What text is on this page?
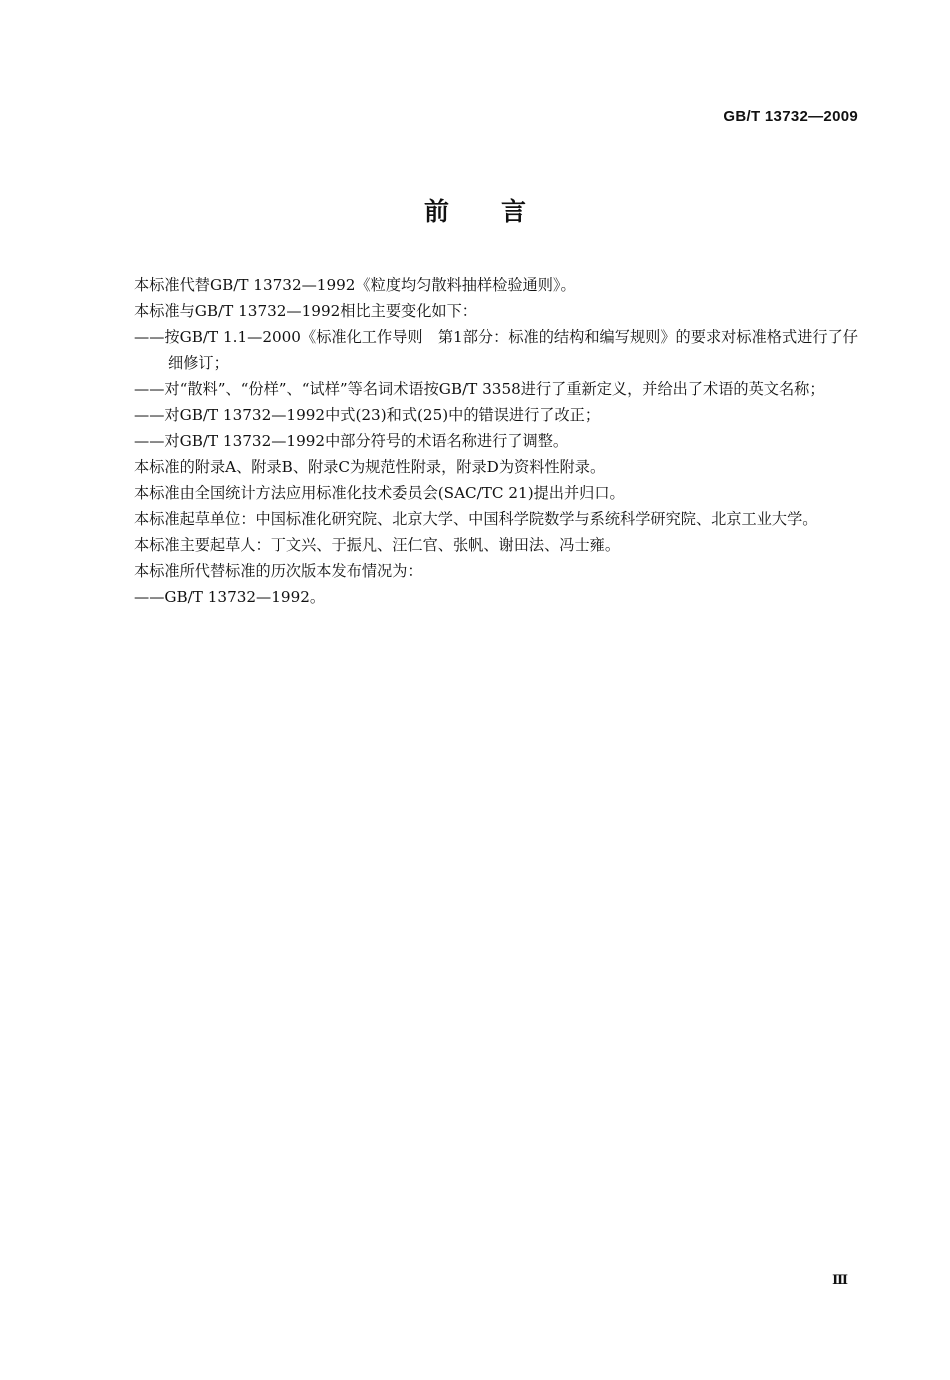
GB/T 13732—2009
前言

本标准代替GB/T 13732—1992《粒度均匀散料抽样检验通则》。

本标准与GB/T 13732—1992相比主要变化如下：

——按GB/T 1.1—2000《标准化工作导则　第1部分：标准的结构和编写规则》的要求对标准格式进行了仔细修订；

——对“散料”、“份样”、“试样”等名词术语按GB/T 3358进行了重新定义，并给出了术语的英文名称；

——对GB/T 13732—1992中式(23)和式(25)中的错误进行了改正；

——对GB/T 13732—1992中部分符号的术语名称进行了调整。

本标准的附录A、附录B、附录C为规范性附录，附录D为资料性附录。

本标准由全国统计方法应用标准化技术委员会(SAC/TC 21)提出并归口。

本标准起草单位：中国标准化研究院、北京大学、中国科学院数学与系统科学研究院、北京工业大学。

本标准主要起草人：丁文兴、于振凡、汪仁官、张帆、谢田法、冯士雍。

本标准所代替标准的历次版本发布情况为：

——GB/T 13732—1992。

Ⅲ
